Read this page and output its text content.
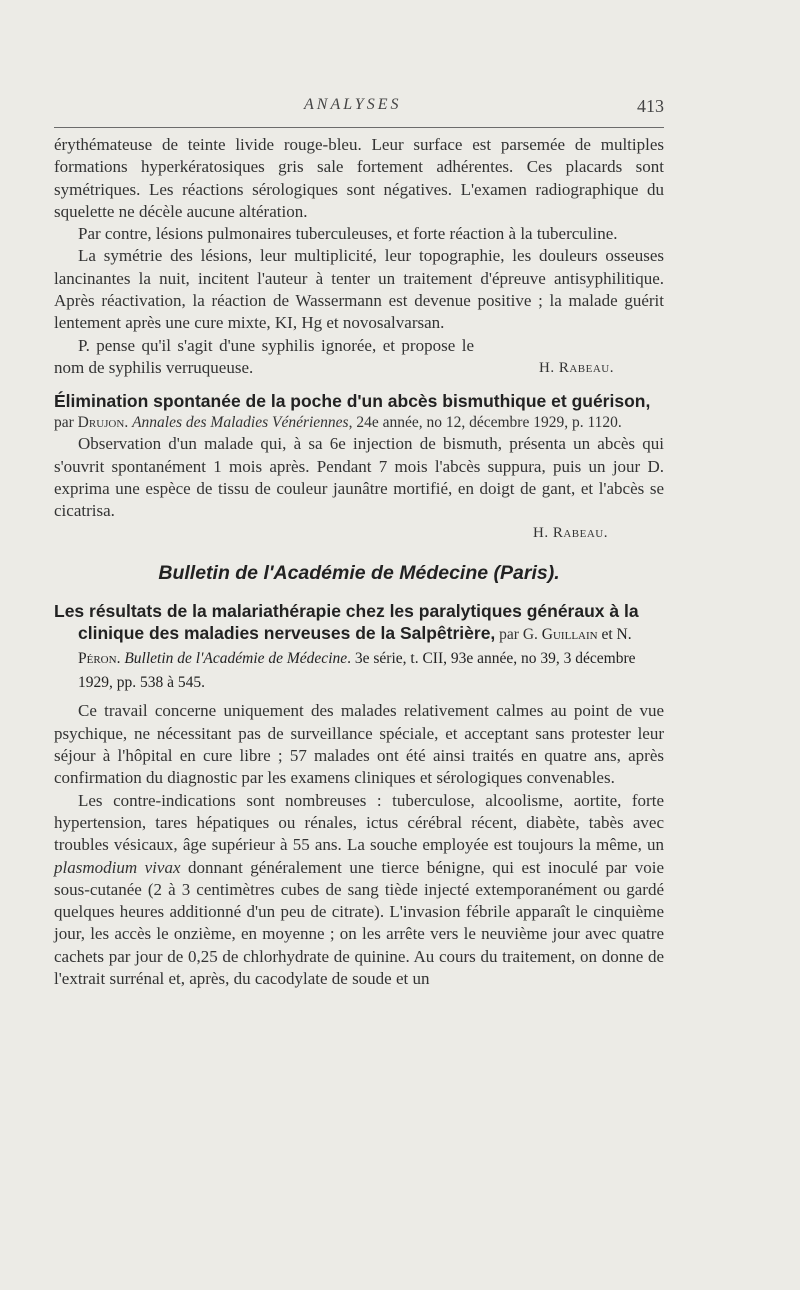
ANALYSES	413

érythémateuse de teinte livide rouge-bleu. Leur surface est parsemée de multiples formations hyperkératosiques gris sale fortement adhérentes. Ces placards sont symétriques. Les réactions sérologiques sont négatives. L'examen radiographique du squelette ne décèle aucune altération.

Par contre, lésions pulmonaires tuberculeuses, et forte réaction à la tuberculine.

La symétrie des lésions, leur multiplicité, leur topographie, les douleurs osseuses lancinantes la nuit, incitent l'auteur à tenter un traitement d'épreuve antisyphilitique. Après réactivation, la réaction de Wassermann est devenue positive ; la malade guérit lentement après une cure mixte, KI, Hg et novosalvarsan.

P. pense qu'il s'agit d'une syphilis ignorée, et propose le nom de syphilis verruqueuse.	H. Rabeau.
Élimination spontanée de la poche d'un abcès bismuthique et guérison,
par Drujon. Annales des Maladies Vénériennes, 24e année, no 12, décembre 1929, p. 1120.

Observation d'un malade qui, à sa 6e injection de bismuth, présenta un abcès qui s'ouvrit spontanément 1 mois après. Pendant 7 mois l'abcès suppura, puis un jour D. exprima une espèce de tissu de couleur jaunâtre mortifié, en doigt de gant, et l'abcès se cicatrisa.

H. Rabeau.
Bulletin de l'Académie de Médecine (Paris).
Les résultats de la malariathérapie chez les paralytiques généraux à la clinique des maladies nerveuses de la Salpêtrière, par G. Guillain et N. Péron. Bulletin de l'Académie de Médecine. 3e série, t. CII, 93e année, no 39, 3 décembre 1929, pp. 538 à 545.

Ce travail concerne uniquement des malades relativement calmes au point de vue psychique, ne nécessitant pas de surveillance spéciale, et acceptant sans protester leur séjour à l'hôpital en cure libre ; 57 malades ont été ainsi traités en quatre ans, après confirmation du diagnostic par les examens cliniques et sérologiques convenables.

Les contre-indications sont nombreuses : tuberculose, alcoolisme, aortite, forte hypertension, tares hépatiques ou rénales, ictus cérébral récent, diabète, tabès avec troubles vésicaux, âge supérieur à 55 ans. La souche employée est toujours la même, un plasmodium vivax donnant généralement une tierce bénigne, qui est inoculé par voie sous-cutanée (2 à 3 centimètres cubes de sang tiède injecté extemporanément ou gardé quelques heures additionné d'un peu de citrate). L'invasion fébrile apparaît le cinquième jour, les accès le onzième, en moyenne ; on les arrête vers le neuvième jour avec quatre cachets par jour de 0,25 de chlorhydrate de quinine. Au cours du traitement, on donne de l'extrait surrénal et, après, du cacodylate de soude et un
